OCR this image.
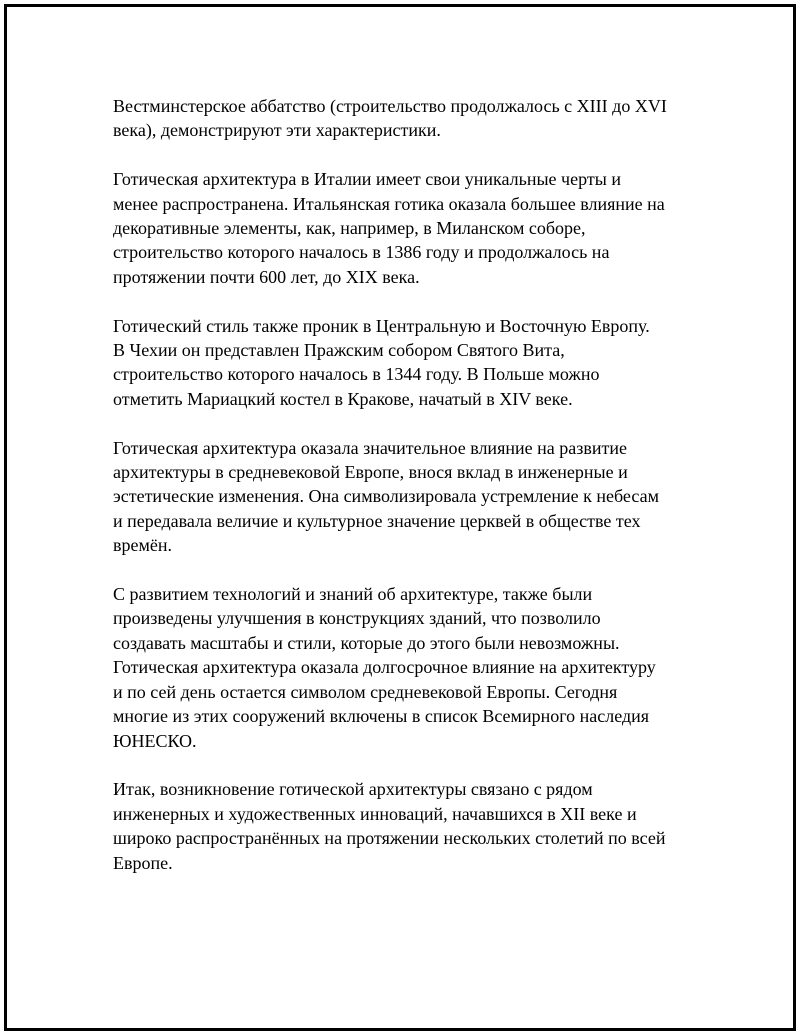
Вестминстерское аббатство (строительство продолжалось с XIII до XVI
века), демонстрируют эти характеристики.

Готическая архитектура в Италии имеет свои уникальные черты и
менее распространена. Итальянская готика оказала большее влияние на
декоративные элементы, как, например, в Миланском соборе,
строительство которого началось в 1386 году и продолжалось на
протяжении почти 600 лет, до XIX века.

Готический стиль также проник в Центральную и Восточную Европу.
В Чехии он представлен Пражским собором Святого Вита,
строительство которого началось в 1344 году. В Польше можно
отметить Мариацкий костел в Кракове, начатый в XIV веке.

Готическая архитектура оказала значительное влияние на развитие
архитектуры в средневековой Европе, внося вклад в инженерные и
эстетические изменения. Она символизировала устремление к небесам
и передавала величие и культурное значение церквей в обществе тех
времён.

С развитием технологий и знаний об архитектуре, также были
произведены улучшения в конструкциях зданий, что позволило
создавать масштабы и стили, которые до этого были невозможны.
Готическая архитектура оказала долгосрочное влияние на архитектуру
и по сей день остается символом средневековой Европы. Сегодня
многие из этих сооружений включены в список Всемирного наследия
ЮНЕСКО.

Итак, возникновение готической архитектуры связано с рядом
инженерных и художественных инноваций, начавшихся в XII веке и
широко распространённых на протяжении нескольких столетий по всей
Европе.
